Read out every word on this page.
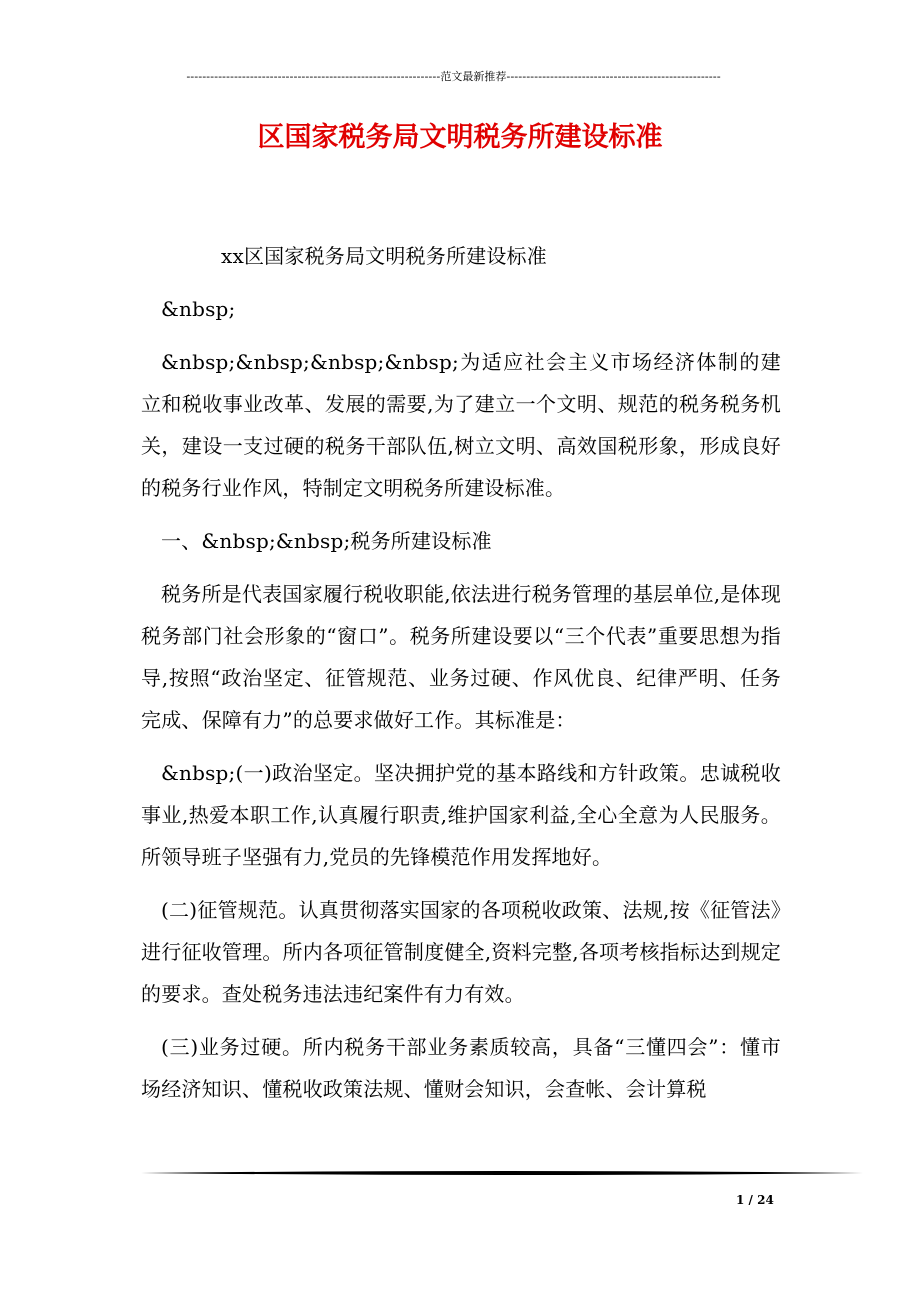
----------------------------------------------------------------范文最新推荐------------------------------------------------------
区国家税务局文明税务所建设标准

xx区国家税务局文明税务所建设标准

&nbsp;

&nbsp;&nbsp;&nbsp;&nbsp;为适应社会主义市场经济体制的建立和税收事业改革、发展的需要,为了建立一个文明、规范的税务税务机关，建设一支过硬的税务干部队伍,树立文明、高效国税形象，形成良好的税务行业作风，特制定文明税务所建设标准。

一、&nbsp;&nbsp;税务所建设标准

税务所是代表国家履行税收职能,依法进行税务管理的基层单位,是体现税务部门社会形象的“窗口”。税务所建设要以“三个代表”重要思想为指导,按照“政治坚定、征管规范、业务过硬、作风优良、纪律严明、任务完成、保障有力”的总要求做好工作。其标准是：

&nbsp;(一)政治坚定。坚决拥护党的基本路线和方针政策。忠诚税收事业,热爱本职工作,认真履行职责,维护国家利益,全心全意为人民服务。所领导班子坚强有力,党员的先锋模范作用发挥地好。

(二)征管规范。认真贯彻落实国家的各项税收政策、法规,按《征管法》进行征收管理。所内各项征管制度健全,资料完整,各项考核指标达到规定的要求。查处税务违法违纪案件有力有效。

(三)业务过硬。所内税务干部业务素质较高，具备“三懂四会”：懂市场经济知识、懂税收政策法规、懂财会知识，会查帐、会计算税

1 / 24
